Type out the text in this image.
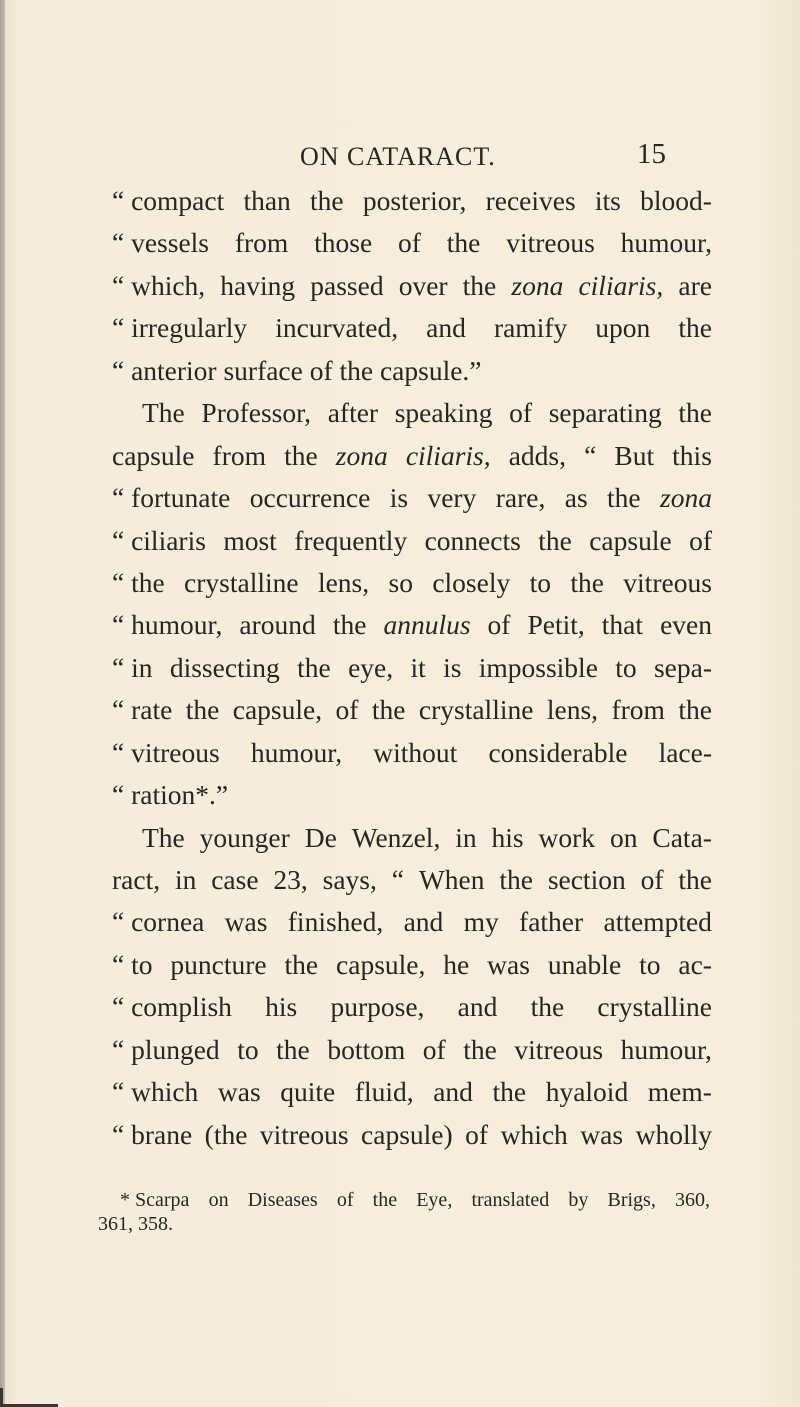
ON CATARACT.	15
“ compact than the posterior, receives its blood-
“ vessels from those of the vitreous humour,
“ which, having passed over the zona ciliaris, are
“ irregularly incurvated, and ramify upon the
“ anterior surface of the capsule.”
The Professor, after speaking of separating the
capsule from the zona ciliaris, adds, “ But this
“ fortunate occurrence is very rare, as the zona
“ ciliaris most frequently connects the capsule of
“ the crystalline lens, so closely to the vitreous
“ humour, around the annulus of Petit, that even
“ in dissecting the eye, it is impossible to sepa-
“ rate the capsule, of the crystalline lens, from the
“ vitreous humour, without considerable lace-
“ ration*.”
The younger De Wenzel, in his work on Cata-
ract, in case 23, says, “ When the section of the
“ cornea was finished, and my father attempted
“ to puncture the capsule, he was unable to ac-
“ complish his purpose, and the crystalline
“ plunged to the bottom of the vitreous humour,
“ which was quite fluid, and the hyaloid mem-
“ brane (the vitreous capsule) of which was wholly
* Scarpa on Diseases of the Eye, translated by Brigs, 360,
361, 358.
